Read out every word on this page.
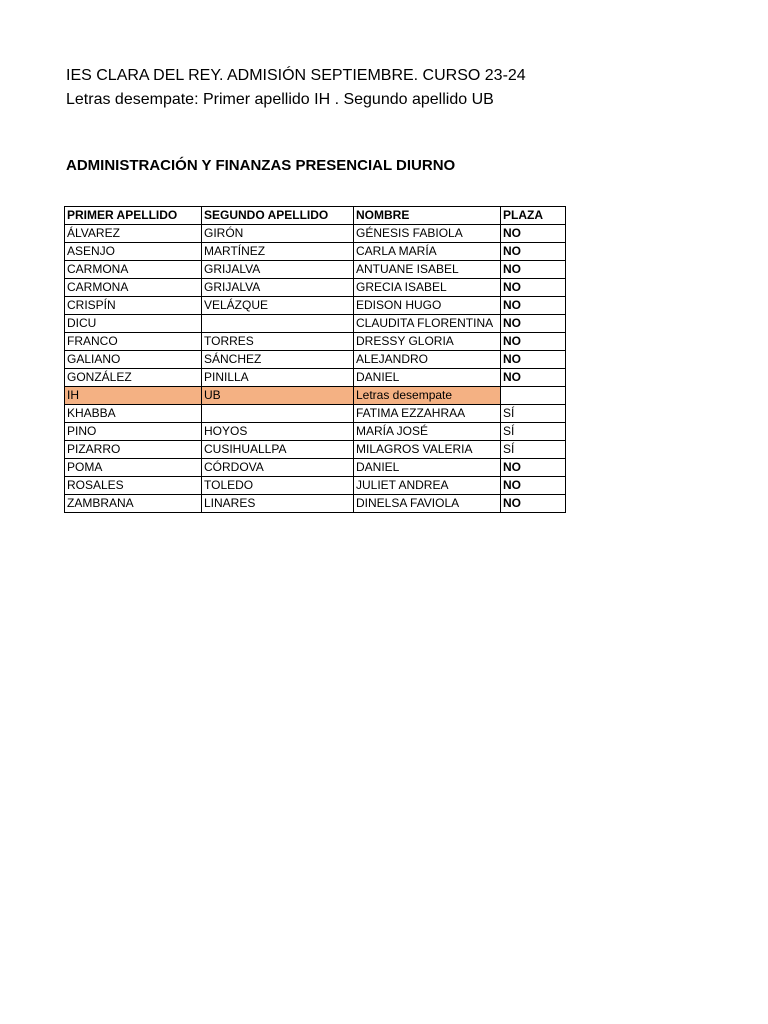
IES CLARA DEL REY. ADMISIÓN SEPTIEMBRE. CURSO 23-24
Letras desempate: Primer apellido IH . Segundo apellido UB
ADMINISTRACIÓN Y FINANZAS PRESENCIAL DIURNO
PRIMER APELLIDO	SEGUNDO APELLIDO	NOMBRE	PLAZA
ÁLVAREZ	GIRÓN	GÉNESIS FABIOLA	NO
ASENJO	MARTÍNEZ	CARLA MARÍA	NO
CARMONA	GRIJALVA	ANTUANE ISABEL	NO
CARMONA	GRIJALVA	GRECIA ISABEL	NO
CRISPÍN	VELÁZQUE	EDISON HUGO	NO
DICU		CLAUDITA FLORENTINA	NO
FRANCO	TORRES	DRESSY GLORIA	NO
GALIANO	SÁNCHEZ	ALEJANDRO	NO
GONZÁLEZ	PINILLA	DANIEL	NO
IH	UB	Letras desempate	
KHABBA		FATIMA EZZAHRAA	SÍ
PINO	HOYOS	MARÍA JOSÉ	SÍ
PIZARRO	CUSIHUALLPA	MILAGROS VALERIA	SÍ
POMA	CÓRDOVA	DANIEL	NO
ROSALES	TOLEDO	JULIET ANDREA	NO
ZAMBRANA	LINARES	DINELSA FAVIOLA	NO
